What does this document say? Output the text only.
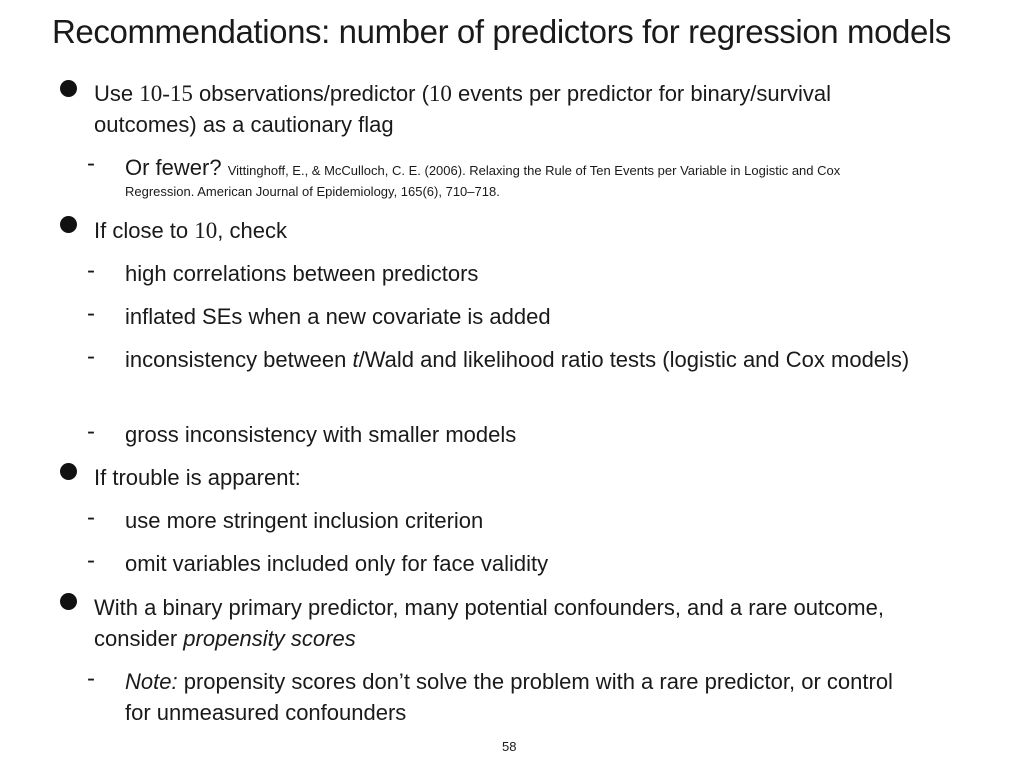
Recommendations: number of predictors for regression models
Use 10-15 observations/predictor (10 events per predictor for binary/survival outcomes) as a cautionary flag
- Or fewer? Vittinghoff, E., & McCulloch, C. E. (2006). Relaxing the Rule of Ten Events per Variable in Logistic and Cox
Regression. American Journal of Epidemiology, 165(6), 710–718.
If close to 10, check
- high correlations between predictors
- inflated SEs when a new covariate is added
- inconsistency between t/Wald and likelihood ratio tests (logistic and Cox models)
- gross inconsistency with smaller models
If trouble is apparent:
- use more stringent inclusion criterion
- omit variables included only for face validity
With a binary primary predictor, many potential confounders, and a rare outcome, consider propensity scores
- Note: propensity scores don’t solve the problem with a rare predictor, or control for unmeasured confounders
58
